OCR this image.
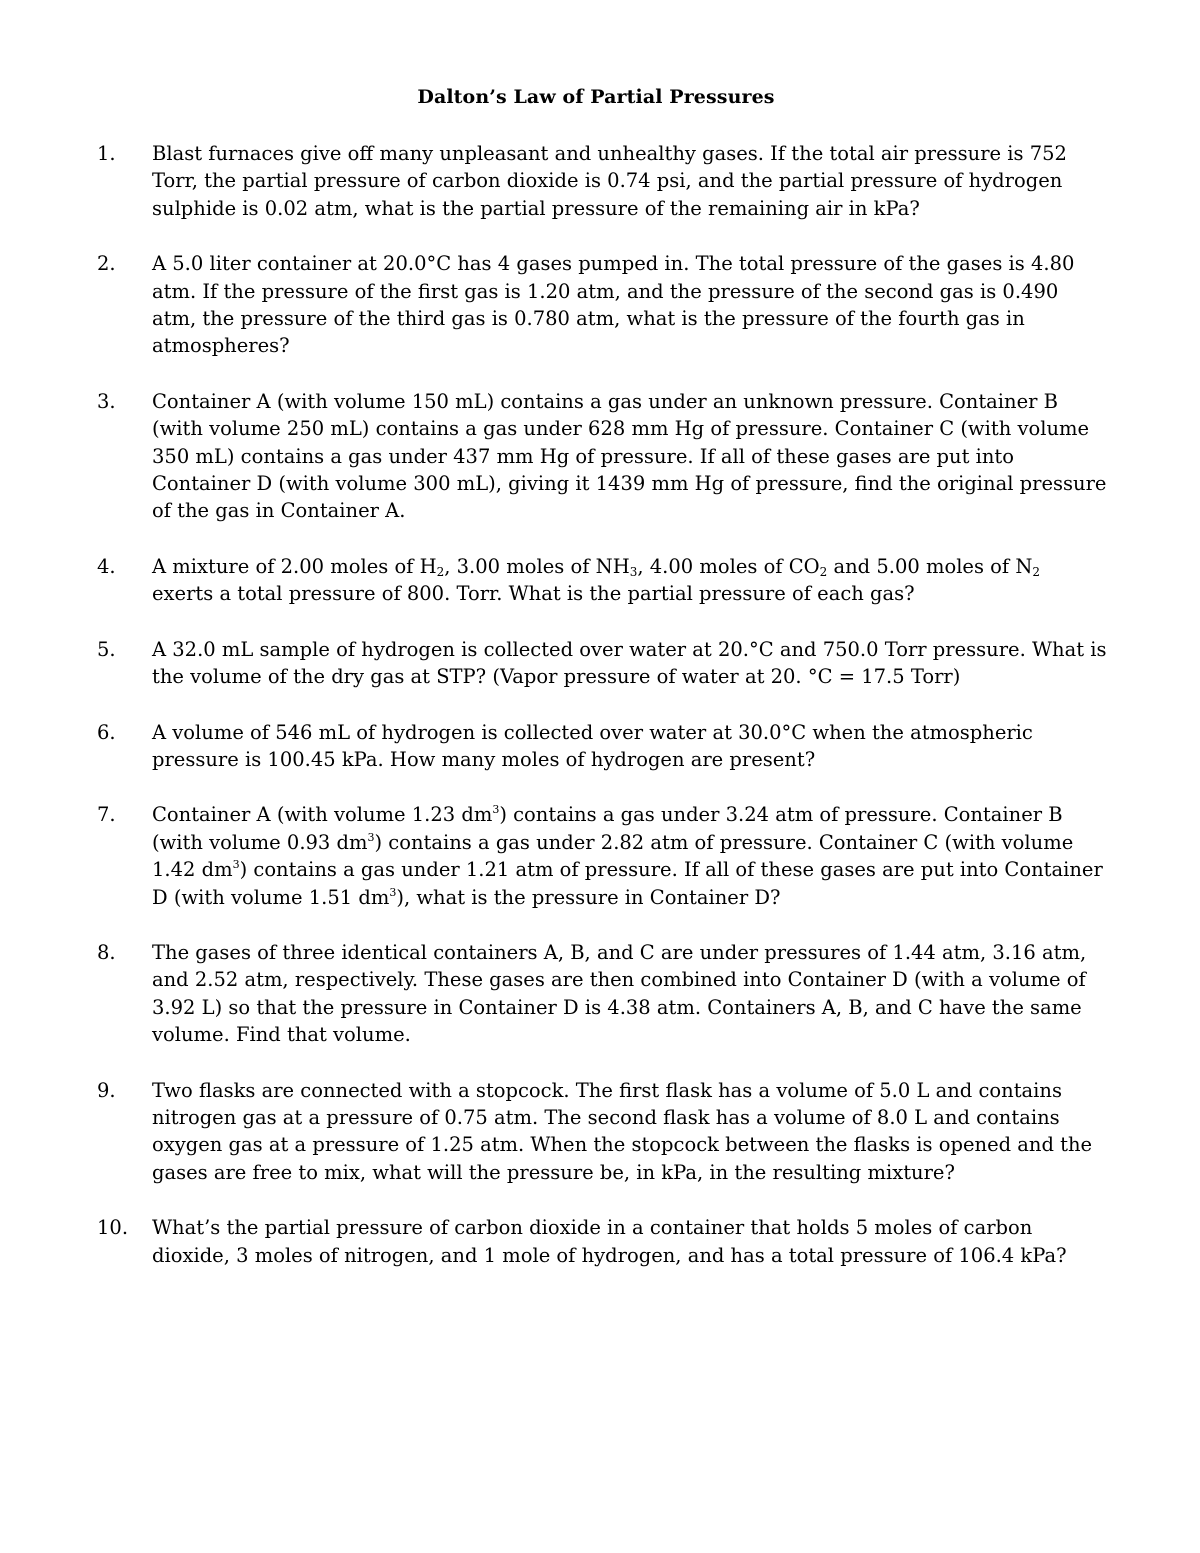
Dalton’s Law of Partial Pressures
1.	Blast furnaces give off many unpleasant and unhealthy gases. If the total air pressure is 752 Torr, the partial pressure of carbon dioxide is 0.74 psi, and the partial pressure of hydrogen sulphide is 0.02 atm, what is the partial pressure of the remaining air in kPa?
2.	A 5.0 liter container at 20.0°C has 4 gases pumped in. The total pressure of the gases is 4.80 atm. If the pressure of the first gas is 1.20 atm, and the pressure of the second gas is 0.490 atm, the pressure of the third gas is 0.780 atm, what is the pressure of the fourth gas in atmospheres?
3.	Container A (with volume 150 mL) contains a gas under an unknown pressure. Container B (with volume 250 mL) contains a gas under 628 mm Hg of pressure. Container C (with volume 350 mL) contains a gas under 437 mm Hg of pressure. If all of these gases are put into Container D (with volume 300 mL), giving it 1439 mm Hg of pressure, find the original pressure of the gas in Container A.
4.	A mixture of 2.00 moles of $H_2$, 3.00 moles of $NH_3$, 4.00 moles of $CO_2$ and 5.00 moles of $N_2$ exerts a total pressure of 800. Torr. What is the partial pressure of each gas?
5.	A 32.0 mL sample of hydrogen is collected over water at 20.°C and 750.0 Torr pressure. What is the volume of the dry gas at STP? (Vapor pressure of water at 20. °C = 17.5 Torr)
6.	A volume of 546 mL of hydrogen is collected over water at 30.0°C when the atmospheric pressure is 100.45 kPa. How many moles of hydrogen are present?
7.	Container A (with volume 1.23 $dm^3$) contains a gas under 3.24 atm of pressure. Container B (with volume 0.93 $dm^3$) contains a gas under 2.82 atm of pressure. Container C (with volume 1.42 $dm^3$) contains a gas under 1.21 atm of pressure. If all of these gases are put into Container D (with volume 1.51 $dm^3$), what is the pressure in Container D?
8.	The gases of three identical containers A, B, and C are under pressures of 1.44 atm, 3.16 atm, and 2.52 atm, respectively. These gases are then combined into Container D (with a volume of 3.92 L) so that the pressure in Container D is 4.38 atm. Containers A, B, and C have the same volume. Find that volume.
9.	Two flasks are connected with a stopcock. The first flask has a volume of 5.0 L and contains nitrogen gas at a pressure of 0.75 atm. The second flask has a volume of 8.0 L and contains oxygen gas at a pressure of 1.25 atm. When the stopcock between the flasks is opened and the gases are free to mix, what will the pressure be, in kPa, in the resulting mixture?
10.	What’s the partial pressure of carbon dioxide in a container that holds 5 moles of carbon dioxide, 3 moles of nitrogen, and 1 mole of hydrogen, and has a total pressure of 106.4 kPa?
